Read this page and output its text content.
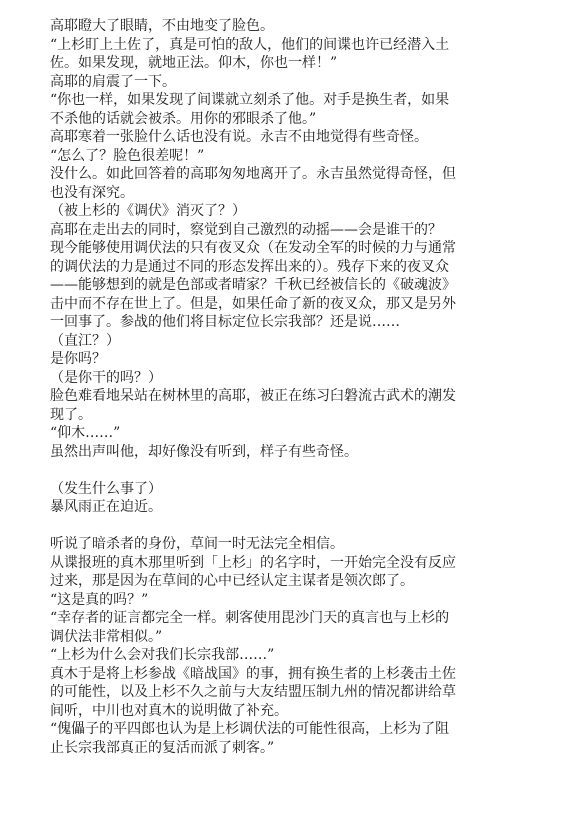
高耶瞪大了眼睛，不由地变了脸色。
“上杉盯上土佐了，真是可怕的敌人，他们的间谍也许已经潜入土
佐。如果发现，就地正法。仰木，你也一样！”
高耶的肩震了一下。
“你也一样，如果发现了间谍就立刻杀了他。对手是换生者，如果
不杀他的话就会被杀。用你的邪眼杀了他。”
高耶寒着一张脸什么话也没有说。永吉不由地觉得有些奇怪。
“怎么了？脸色很差呢！”
没什么。如此回答着的高耶匆匆地离开了。永吉虽然觉得奇怪，但
也没有深究。
（被上杉的《调伏》消灭了？）
高耶在走出去的同时，察觉到自己激烈的动摇——会是谁干的？
现今能够使用调伏法的只有夜叉众（在发动全军的时候的力与通常
的调伏法的力是通过不同的形态发挥出来的）。残存下来的夜叉众
——能够想到的就是色部或者晴家？千秋已经被信长的《破魂波》
击中而不存在世上了。但是，如果任命了新的夜叉众，那又是另外
一回事了。参战的他们将目标定位长宗我部？还是说……
（直江？）
是你吗？
（是你干的吗？）
脸色难看地呆站在树林里的高耶，被正在练习臼磐流古武术的潮发
现了。
“仰木……”
虽然出声叫他，却好像没有听到，样子有些奇怪。
（发生什么事了）
暴风雨正在迫近。
听说了暗杀者的身份，草间一时无法完全相信。
从谍报班的真木那里听到「上杉」的名字时，一开始完全没有反应
过来，那是因为在草间的心中已经认定主谋者是领次郎了。
“这是真的吗？”
“幸存者的证言都完全一样。刺客使用毘沙门天的真言也与上杉的
调伏法非常相似。”
“上杉为什么会对我们长宗我部……”
真木于是将上杉参战《暗战国》的事，拥有换生者的上杉袭击土佐
的可能性，以及上杉不久之前与大友结盟压制九州的情况都讲给草
间听，中川也对真木的说明做了补充。
“傀儡子的平四郎也认为是上杉调伏法的可能性很高，上杉为了阻
止长宗我部真正的复活而派了刺客。”
